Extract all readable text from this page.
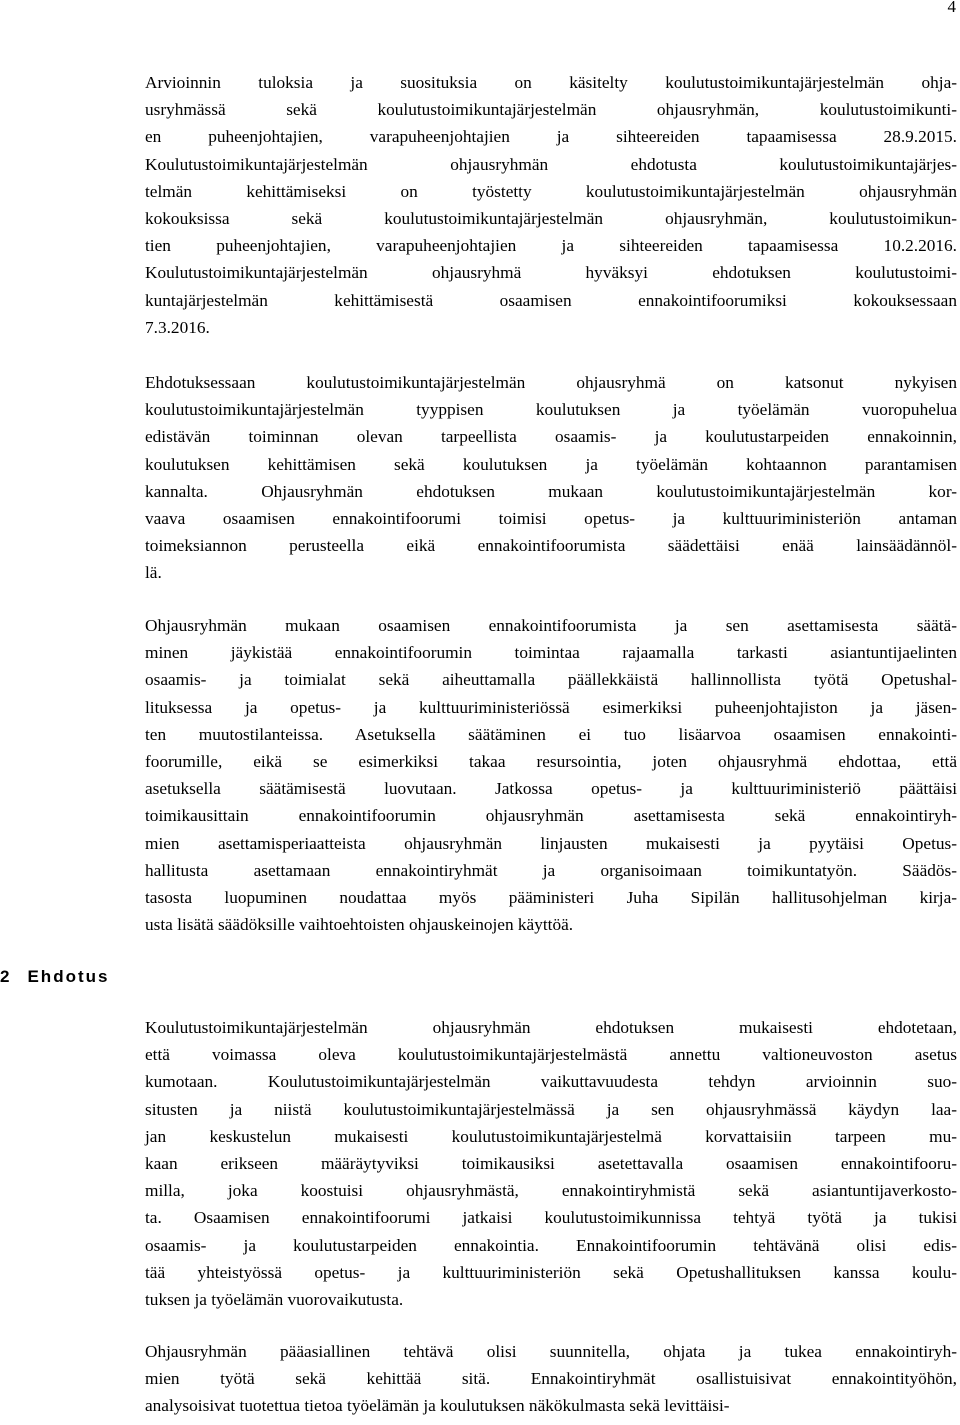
4
2 Ehdotus
Arvioinnin tuloksia ja suosituksia on käsitelty koulutustoimikuntajärjestelmän ohja-
usryhmässä sekä koulutustoimikuntajärjestelmän ohjausryhmän, koulutustoimikunti-
en puheenjohtajien, varapuheenjohtajien ja sihteereiden tapaamisessa 28.9.2015.
Koulutustoimikuntajärjestelmän ohjausryhmän ehdotusta koulutustoimikuntajärjes-
telmän kehittämiseksi on työstetty koulutustoimikuntajärjestelmän ohjausryhmän
kokouksissa sekä koulutustoimikuntajärjestelmän ohjausryhmän, koulutustoimikun-
tien puheenjohtajien, varapuheenjohtajien ja sihteereiden tapaamisessa 10.2.2016.
Koulutustoimikuntajärjestelmän ohjausryhmä hyväksyi ehdotuksen koulutustoimi-
kuntajärjestelmän kehittämisestä osaamisen ennakointifoorumiksi kokouksessaan
7.3.2016.
Ehdotuksessaan koulutustoimikuntajärjestelmän ohjausryhmä on katsonut nykyisen
koulutustoimikuntajärjestelmän tyyppisen koulutuksen ja työelämän vuoropuhelua
edistävän toiminnan olevan tarpeellista osaamis- ja koulutustarpeiden ennakoinnin,
koulutuksen kehittämisen sekä koulutuksen ja työelämän kohtaannon parantamisen
kannalta. Ohjausryhmän ehdotuksen mukaan koulutustoimikuntajärjestelmän kor-
vaava osaamisen ennakointifoorumi toimisi opetus- ja kulttuuriministeriön antaman
toimeksiannon perusteella eikä ennakointifoorumista säädettäisi enää lainsäädännöl-
lä.
Ohjausryhmän mukaan osaamisen ennakointifoorumista ja sen asettamisesta säätä-
minen jäykistää ennakointifoorumin toimintaa rajaamalla tarkasti asiantuntijaelinten
osaamis- ja toimialat sekä aiheuttamalla päällekkäistä hallinnollista työtä Opetushal-
lituksessa ja opetus- ja kulttuuriministeriössä esimerkiksi puheenjohtajiston ja jäsen-
ten muutostilanteissa. Asetuksella säätäminen ei tuo lisäarvoa osaamisen ennakointi-
foorumille, eikä se esimerkiksi takaa resursointia, joten ohjausryhmä ehdottaa, että
asetuksella säätämisestä luovutaan. Jatkossa opetus- ja kulttuuriministeriö päättäisi
toimikausittain ennakointifoorumin ohjausryhmän asettamisesta sekä ennakointiryh-
mien asettamisperiaatteista ohjausryhmän linjausten mukaisesti ja pyytäisi Opetus-
hallitusta asettamaan ennakointiryhmät ja organisoimaan toimikuntatyön. Säädös-
tasosta luopuminen noudattaa myös pääministeri Juha Sipilän hallitusohjelman kirja-
usta lisätä säädöksille vaihtoehtoisten ohjauskeinojen käyttöä.
Koulutustoimikuntajärjestelmän ohjausryhmän ehdotuksen mukaisesti ehdotetaan,
että voimassa oleva koulutustoimikuntajärjestelmästä annettu valtioneuvoston asetus
kumotaan. Koulutustoimikuntajärjestelmän vaikuttavuudesta tehdyn arvioinnin suo-
situsten ja niistä koulutustoimikuntajärjestelmässä ja sen ohjausryhmässä käydyn laa-
jan keskustelun mukaisesti koulutustoimikuntajärjestelmä korvattaisiin tarpeen mu-
kaan erikseen määräytyviksi toimikausiksi asetettavalla osaamisen ennakointifooru-
milla, joka koostuisi ohjausryhmästä, ennakointiryhmistä sekä asiantuntijaverkosto-
ta. Osaamisen ennakointifoorumi jatkaisi koulutustoimikunnissa tehtyä työtä ja tukisi
osaamis- ja koulutustarpeiden ennakointia. Ennakointifoorumin tehtävänä olisi edis-
tää yhteistyössä opetus- ja kulttuuriministeriön sekä Opetushallituksen kanssa koulu-
tuksen ja työelämän vuorovaikutusta.
Ohjausryhmän pääasiallinen tehtävä olisi suunnitella, ohjata ja tukea ennakointiryh-
mien työtä sekä kehittää sitä. Ennakointiryhmät osallistuisivat ennakointityöhön,
analysoisivat tuotettua tietoa työelämän ja koulutuksen näkökulmasta sekä levittäisi-
